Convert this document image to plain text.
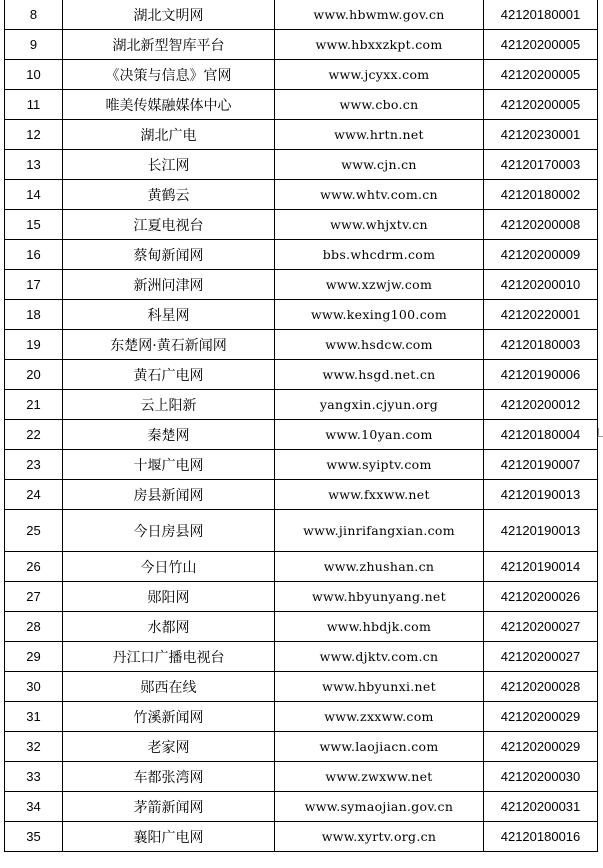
8	湖北文明网	www.hbwmw.gov.cn	42120180001
9	湖北新型智库平台	www.hbxxzkpt.com	42120200005
10	《决策与信息》官网	www.jcyxx.com	42120200005
11	唯美传媒融媒体中心	www.cbo.cn	42120200005
12	湖北广电	www.hrtn.net	42120230001
13	长江网	www.cjn.cn	42120170003
14	黄鹤云	www.whtv.com.cn	42120180002
15	江夏电视台	www.whjxtv.cn	42120200008
16	蔡甸新闻网	bbs.whcdrm.com	42120200009
17	新洲问津网	www.xzwjw.com	42120200010
18	科星网	www.kexing100.com	42120220001
19	东楚网·黄石新闻网	www.hsdcw.com	42120180003
20	黄石广电网	www.hsgd.net.cn	42120190006
21	云上阳新	yangxin.cjyun.org	42120200012
22	秦楚网	www.10yan.com	42120180004
23	十堰广电网	www.syiptv.com	42120190007
24	房县新闻网	www.fxxww.net	42120190013
25	今日房县网	www.jinrifangxian.com	42120190013
26	今日竹山	www.zhushan.cn	42120190014
27	郧阳网	www.hbyunyang.net	42120200026
28	水都网	www.hbdjk.com	42120200027
29	丹江口广播电视台	www.djktv.com.cn	42120200027
30	郧西在线	www.hbyunxi.net	42120200028
31	竹溪新闻网	www.zxxww.com	42120200029
32	老家网	www.laojiacn.com	42120200029
33	车都张湾网	www.zwxww.net	42120200030
34	茅箭新闻网	www.symaojian.gov.cn	42120200031
35	襄阳广电网	www.xyrtv.org.cn	42120180016
